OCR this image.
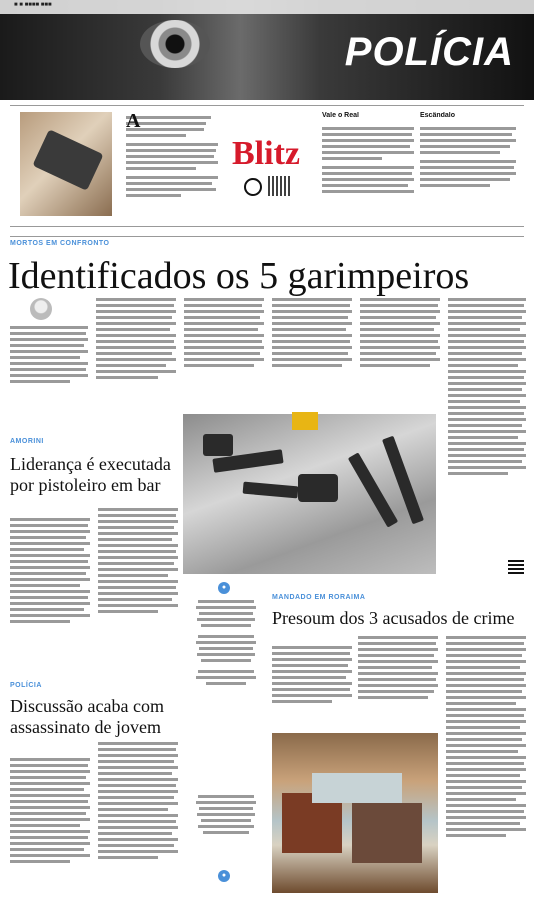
■ ■ ■■■■ ■■■
POLÍCIA
A
Blitz
Vale o Real	Escândalo
MORTOS EM CONFRONTO
Identificados os 5 garimpeiros
AMORINI
Liderança é executada por pistoleiro em bar
●
●
POLÍCIA
Discussão acaba com assassinato de jovem
MANDADO EM RORAIMA
Presoum dos 3 acusados de crime
